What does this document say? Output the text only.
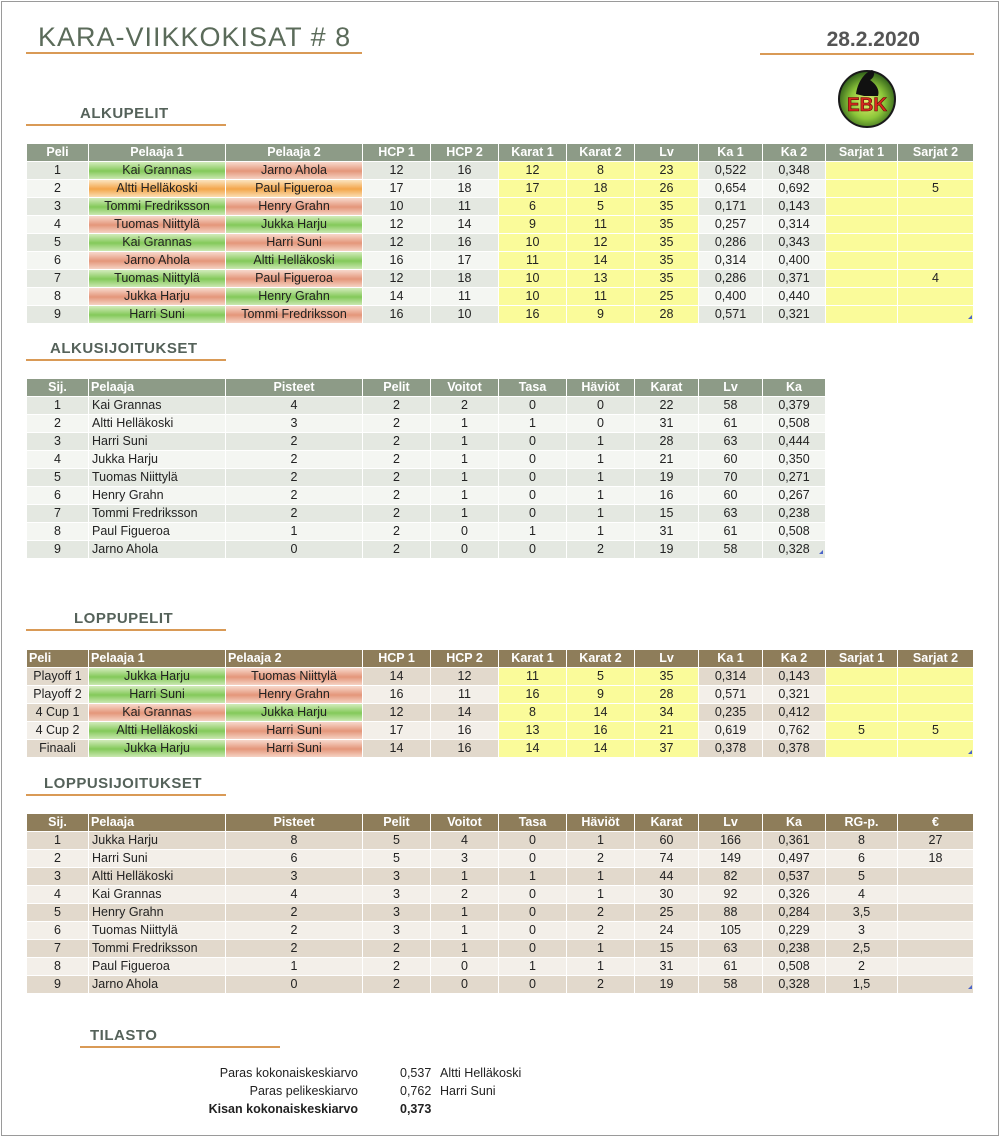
KARA-VIIKKOKISAT # 8	28.2.2020
EBK
ALKUPELIT
Peli	Pelaaja 1	Pelaaja 2	HCP 1	HCP 2	Karat 1	Karat 2	Lv	Ka 1	Ka 2	Sarjat 1	Sarjat 2
1	Kai Grannas	Jarno Ahola	12	16	12	8	23	0,522	0,348		
2	Altti Helläkoski	Paul Figueroa	17	18	17	18	26	0,654	0,692		5
3	Tommi Fredriksson	Henry Grahn	10	11	6	5	35	0,171	0,143		
4	Tuomas Niittylä	Jukka Harju	12	14	9	11	35	0,257	0,314		
5	Kai Grannas	Harri Suni	12	16	10	12	35	0,286	0,343		
6	Jarno Ahola	Altti Helläkoski	16	17	11	14	35	0,314	0,400		
7	Tuomas Niittylä	Paul Figueroa	12	18	10	13	35	0,286	0,371		4
8	Jukka Harju	Henry Grahn	14	11	10	11	25	0,400	0,440		
9	Harri Suni	Tommi Fredriksson	16	10	16	9	28	0,571	0,321		
ALKUSIJOITUKSET
Sij.	Pelaaja	Pisteet	Pelit	Voitot	Tasa	Häviöt	Karat	Lv	Ka
1	Kai Grannas	4	2	2	0	0	22	58	0,379
2	Altti Helläkoski	3	2	1	1	0	31	61	0,508
3	Harri Suni	2	2	1	0	1	28	63	0,444
4	Jukka Harju	2	2	1	0	1	21	60	0,350
5	Tuomas Niittylä	2	2	1	0	1	19	70	0,271
6	Henry Grahn	2	2	1	0	1	16	60	0,267
7	Tommi Fredriksson	2	2	1	0	1	15	63	0,238
8	Paul Figueroa	1	2	0	1	1	31	61	0,508
9	Jarno Ahola	0	2	0	0	2	19	58	0,328
LOPPUPELIT
Peli	Pelaaja 1	Pelaaja 2	HCP 1	HCP 2	Karat 1	Karat 2	Lv	Ka 1	Ka 2	Sarjat 1	Sarjat 2
Playoff 1	Jukka Harju	Tuomas Niittylä	14	12	11	5	35	0,314	0,143		
Playoff 2	Harri Suni	Henry Grahn	16	11	16	9	28	0,571	0,321		
4 Cup 1	Kai Grannas	Jukka Harju	12	14	8	14	34	0,235	0,412		
4 Cup 2	Altti Helläkoski	Harri Suni	17	16	13	16	21	0,619	0,762	5	5
Finaali	Jukka Harju	Harri Suni	14	16	14	14	37	0,378	0,378		
LOPPUSIJOITUKSET
Sij.	Pelaaja	Pisteet	Pelit	Voitot	Tasa	Häviöt	Karat	Lv	Ka	RG-p.	€
1	Jukka Harju	8	5	4	0	1	60	166	0,361	8	27
2	Harri Suni	6	5	3	0	2	74	149	0,497	6	18
3	Altti Helläkoski	3	3	1	1	1	44	82	0,537	5	
4	Kai Grannas	4	3	2	0	1	30	92	0,326	4	
5	Henry Grahn	2	3	1	0	2	25	88	0,284	3,5	
6	Tuomas Niittylä	2	3	1	0	2	24	105	0,229	3	
7	Tommi Fredriksson	2	2	1	0	1	15	63	0,238	2,5	
8	Paul Figueroa	1	2	0	1	1	31	61	0,508	2	
9	Jarno Ahola	0	2	0	0	2	19	58	0,328	1,5	
TILASTO
Paras kokonaiskeskiarvo	0,537 Altti Helläkoski
Paras pelikeskiarvo	0,762 Harri Suni
Kisan kokonaiskeskiarvo	0,373
